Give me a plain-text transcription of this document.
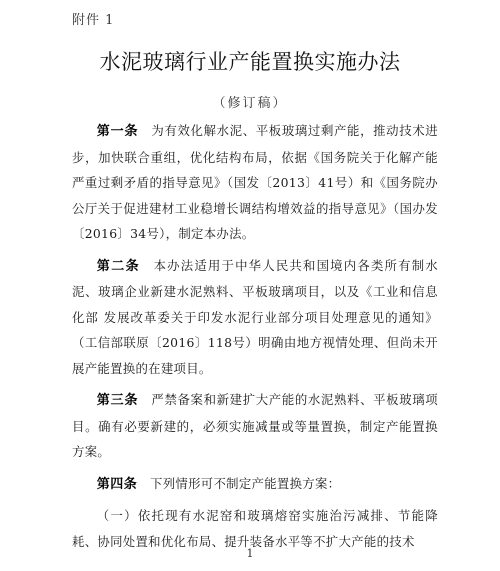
附件 1
水泥玻璃行业产能置换实施办法
（修订稿）

第一条　 为有效化解水泥、平板玻璃过剩产能，推动技术进步，加快联合重组，优化结构布局，依据《国务院关于化解产能严重过剩矛盾的指导意见》（国发〔2013〕41号）和《国务院办公厅关于促进建材工业稳增长调结构增效益的指导意见》（国办发〔2016〕34号），制定本办法。

第二条　 本办法适用于中华人民共和国境内各类所有制水泥、玻璃企业新建水泥熟料、平板玻璃项目，以及《工业和信息化部 发展改革委关于印发水泥行业部分项目处理意见的通知》（工信部联原〔2016〕118号）明确由地方视情处理、但尚未开展产能置换的在建项目。

第三条　 严禁备案和新建扩大产能的水泥熟料、平板玻璃项目。确有必要新建的，必须实施减量或等量置换，制定产能置换方案。

第四条　 下列情形可不制定产能置换方案：

（一）依托现有水泥窑和玻璃熔窑实施治污减排、节能降耗、协同处置和优化布局、提升装备水平等不扩大产能的技术

1
